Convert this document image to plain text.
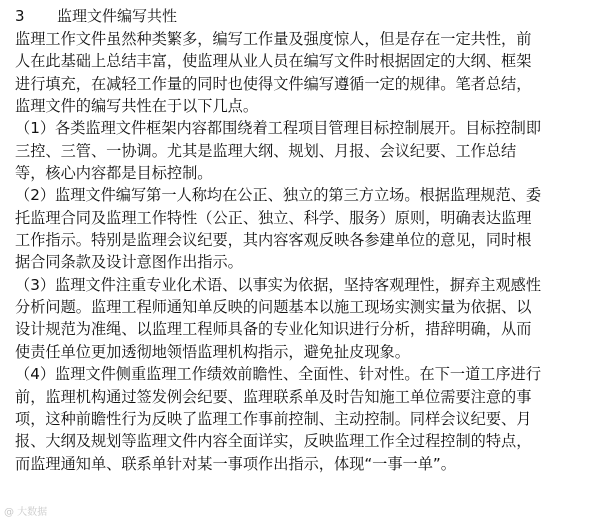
3 监理文件编写共性
监理工作文件虽然种类繁多，编写工作量及强度惊人，但是存在一定共性，前
人在此基础上总结丰富，使监理从业人员在编写文件时根据固定的大纲、框架
进行填充，在减轻工作量的同时也使得文件编写遵循一定的规律。笔者总结，
监理文件的编写共性在于以下几点。
（1）各类监理文件框架内容都围绕着工程项目管理目标控制展开。目标控制即
三控、三管、一协调。尤其是监理大纲、规划、月报、会议纪要、工作总结
等，核心内容都是目标控制。
（2）监理文件编写第一人称均在公正、独立的第三方立场。根据监理规范、委
托监理合同及监理工作特性（公正、独立、科学、服务）原则，明确表达监理
工作指示。特别是监理会议纪要，其内容客观反映各参建单位的意见，同时根
据合同条款及设计意图作出指示。
（3）监理文件注重专业化术语、以事实为依据，坚持客观理性，摒弃主观感性
分析问题。监理工程师通知单反映的问题基本以施工现场实测实量为依据、以
设计规范为准绳、以监理工程师具备的专业化知识进行分析，措辞明确，从而
使责任单位更加透彻地领悟监理机构指示，避免扯皮现象。
（4）监理文件侧重监理工作绩效前瞻性、全面性、针对性。在下一道工序进行
前，监理机构通过签发例会纪要、监理联系单及时告知施工单位需要注意的事
项，这种前瞻性行为反映了监理工作事前控制、主动控制。同样会议纪要、月
报、大纲及规划等监理文件内容全面详实，反映监理工作全过程控制的特点，
而监理通知单、联系单针对某一事项作出指示，体现“一事一单”。
@ 大数据
